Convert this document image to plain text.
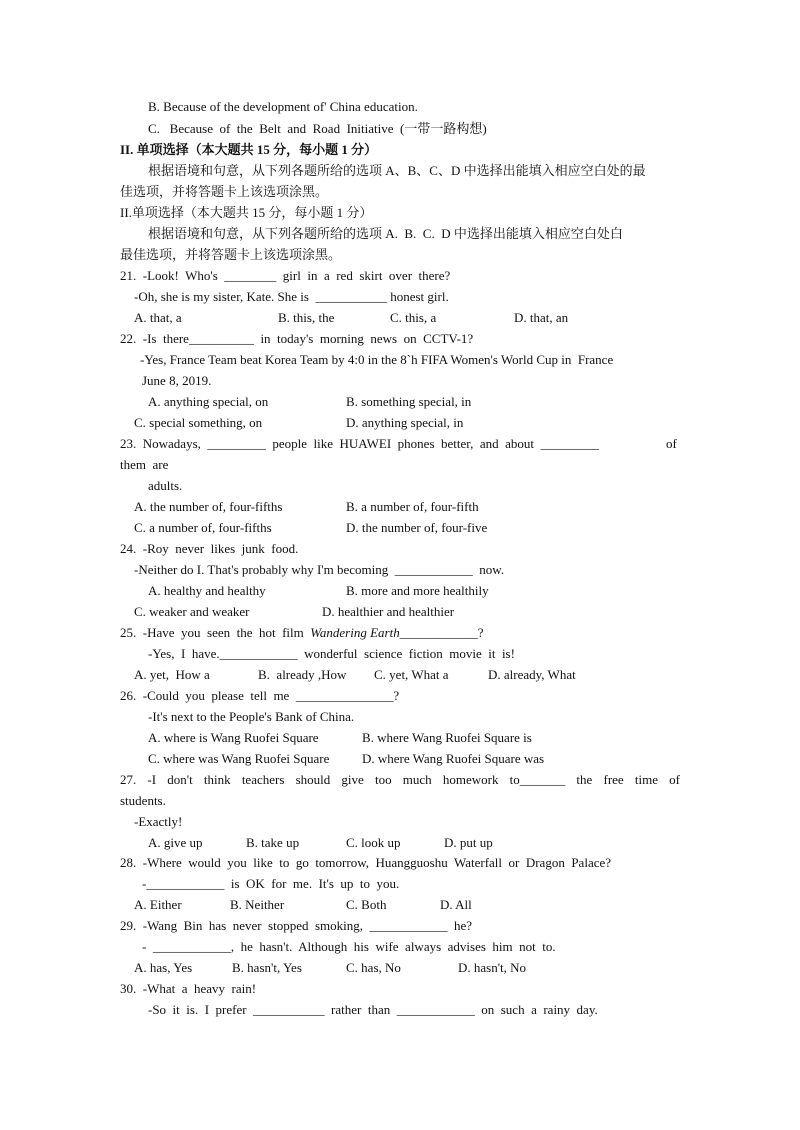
B. Because of the development of' China education.
C.   Because  of  the  Belt  and  Road  Initiative  (一带一路构想)
II. 单项选择（本大题共 15 分，每小题 1 分）
根据语境和句意，从下列各题所给的选项 A、B、C、D 中选择出能填入相应空白处的最
佳选项，并将答题卡上该选项涂黑。
II.单项选择（本大题共 15 分，每小题 1 分）
根据语境和句意，从下列各题所给的选项 A.  B.  C.  D 中选择出能填入相应空白处白
最佳选项，并将答题卡上该选项涂黑。
21.  -Look!  Who's  ________  girl  in  a  red  skirt  over  there?
-Oh, she is my sister, Kate. She is  ___________ honest girl.
A. that, a	B. this, the	C. this, a	D. that, an
22.  -Is  there__________  in  today's  morning  news  on  CCTV-1?
-Yes, France Team beat Korea Team by 4:0 in the 8`h FIFA Women's World Cup in  France
June 8, 2019.
A. anything special, on	B. something special, in
C. special something, on	D. anything special, in
23.  Nowadays,  _________  people  like  HUAWEI  phones  better,  and  about  _________	of
them  are
adults.
A. the number of, four-fifths	B. a number of, four-fifth
C. a number of, four-fifths	D. the number of, four-five
24.  -Roy  never  likes  junk  food.
-Neither do I. That's probably why I'm becoming  ____________  now.
A. healthy and healthy	B. more and more healthily
C. weaker and weaker	D. healthier and healthier
25.  -Have  you  seen  the  hot  film  Wandering Earth____________?
-Yes,  I  have.____________  wonderful  science  fiction  movie  it  is!
A. yet,  How a	B.  already ,How C. yet, What a	D. already, What
26.  -Could  you  please  tell  me  _______________?
-It's next to the People's Bank of China.
A. where is Wang Ruofei Square	B. where Wang Ruofei Square is
C. where was Wang Ruofei Square	D. where Wang Ruofei Square was
27. -I don't think teachers should give too much homework to_______ the free time of
students.
-Exactly!
A. give up	B. take up	C. look up	D. put up
28.  -Where  would  you  like  to  go  tomorrow,  Huangguoshu  Waterfall  or  Dragon  Palace?
-____________  is  OK  for  me.  It's  up  to  you.
A. Either	B. Neither	C. Both	D. All
29.  -Wang  Bin  has  never  stopped  smoking,  ____________  he?
-  ____________,  he  hasn't.  Although  his  wife  always  advises  him  not  to.
A. has, Yes	B. hasn't, Yes	C. has, No	D. hasn't, No
30.  -What  a  heavy  rain!
-So  it  is.  I  prefer  ___________  rather  than  ____________  on  such  a  rainy  day.
